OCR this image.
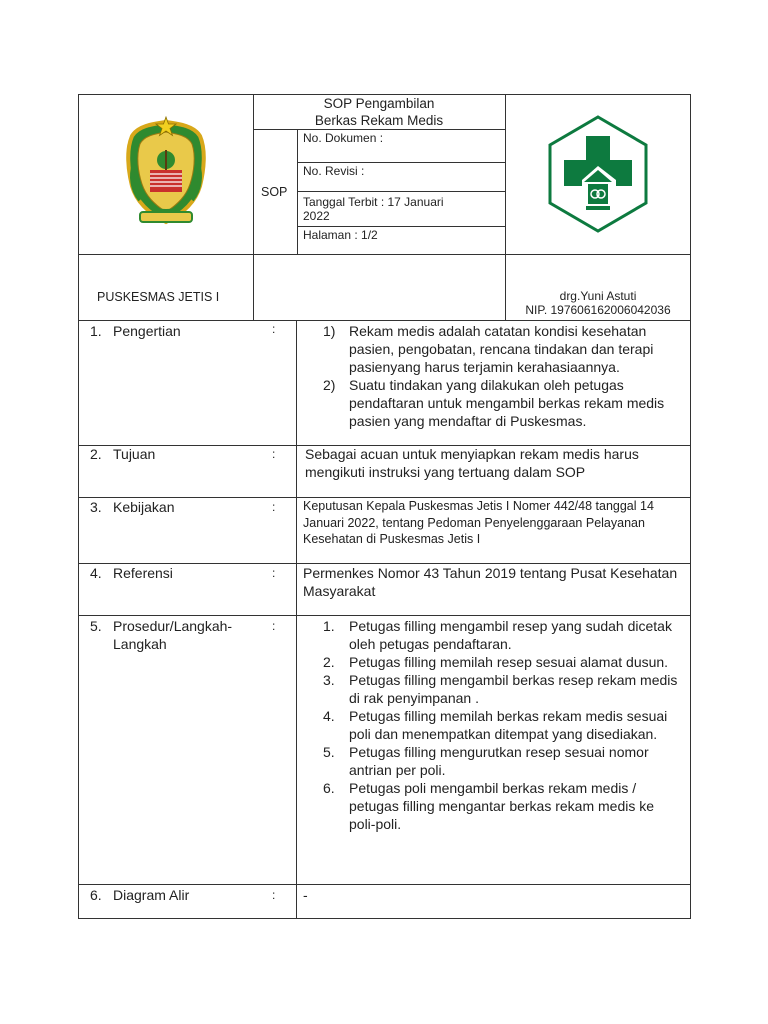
SOP Pengambilan
Berkas Rekam Medis
SOP
No. Dokumen :
No. Revisi :
Tanggal Terbit : 17 Januari
2022
Halaman : 1/2
PUSKESMAS JETIS I	drg.Yuni Astuti
NIP. 197606162006042036
1. Pengertian	:	1) Rekam medis adalah catatan kondisi kesehatan pasien, pengobatan, rencana tindakan dan terapi pasienyang harus terjamin kerahasiaannya.
2) Suatu tindakan yang dilakukan oleh petugas pendaftaran untuk mengambil berkas rekam medis pasien yang mendaftar di Puskesmas.
2. Tujuan	: Sebagai acuan untuk menyiapkan rekam medis harus mengikuti instruksi yang tertuang dalam SOP
3. Kebijakan	: Keputusan Kepala Puskesmas Jetis I Nomer 442/48 tanggal 14 Januari 2022, tentang Pedoman Penyelenggaraan Pelayanan Kesehatan di Puskesmas Jetis I
4. Referensi	: Permenkes Nomor 43 Tahun 2019 tentang Pusat Kesehatan Masyarakat
5. Prosedur/Langkah-
Langkah
:	1. Petugas filling mengambil resep yang sudah dicetak oleh petugas pendaftaran.
2. Petugas filling memilah resep sesuai alamat dusun.
3. Petugas filling mengambil berkas resep rekam medis di rak penyimpanan .
4. Petugas filling memilah berkas rekam medis sesuai poli dan menempatkan ditempat yang disediakan.
5. Petugas filling mengurutkan resep sesuai nomor antrian per poli.
6. Petugas poli mengambil berkas rekam medis / petugas filling mengantar berkas rekam medis ke poli-poli.
6. Diagram Alir	: -
